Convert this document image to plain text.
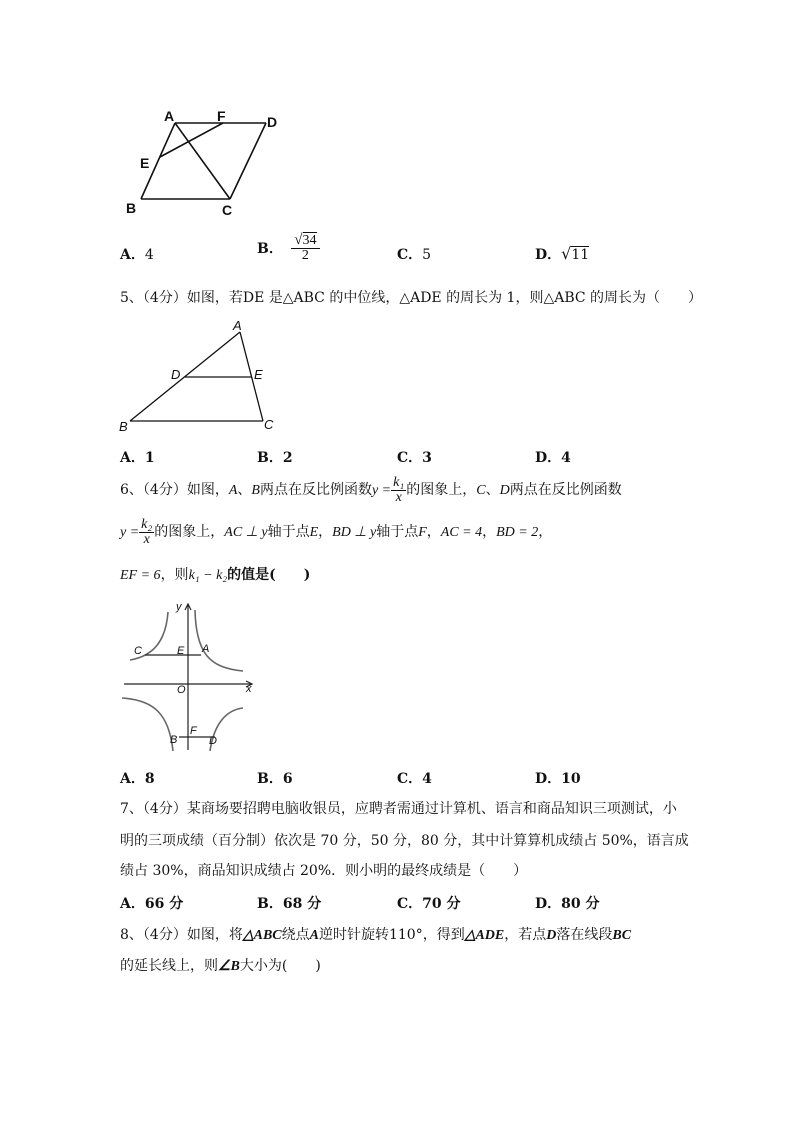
A	F	D
E
B	C
A．4	B． $\frac{√34}{2}$	C．5	D．√11
5、（4分）如图，若DE 是△ABC 的中位线，△ADE 的周长为 1，则△ABC 的周长为（　　）
A
D	E
B	C
A．1	B．2	C．3	D．4
6、（4分）如图，A、B两点在反比例函数$y = \frac{\text{k₁}}{x}$ 的图象上，C、D两点在反比例函数
$y = \frac{\text{k₂}}{x}$ 的图象上，AC ⊥ y轴于点E，BD ⊥ y轴于点F，AC = 4，BD = 2，
EF = 6，则k₁ − k₂的值是(　　)
y
x
O
C	E A
B
F
D
A．8	B．6	C．4	D．10
7、（4分）某商场要招聘电脑收银员，应聘者需通过计算机、语言和商品知识三项测试，小
明的三项成绩（百分制）依次是 70 分，50 分，80 分，其中计算算机成绩占 50%，语言成
绩占 30%，商品知识成绩占 20%．则小明的最终成绩是（　　）
A．66 分	B．68 分	C．70 分	D．80 分
8、（4分）如图，将△ABC绕点A逆时针旋转110°，得到△ADE，若点D落在线段BC
的延长线上，则∠B大小为(　　)
